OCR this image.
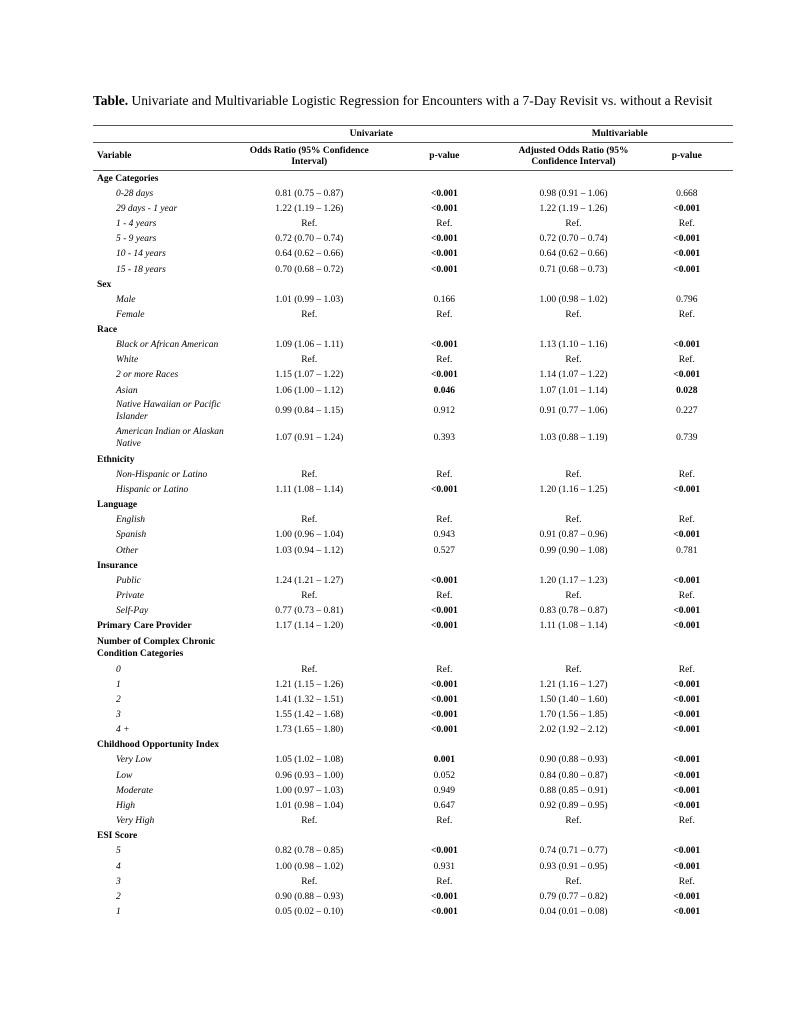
Table. Univariate and Multivariable Logistic Regression for Encounters with a 7-Day Revisit vs. without a Revisit
	Univariate		Multivariable	
Variable	Odds Ratio (95% Confidence Interval)	p-value	Adjusted Odds Ratio (95% Confidence Interval)	p-value
Age Categories				
0-28 days	0.81 (0.75 – 0.87)	<0.001	0.98 (0.91 – 1.06)	0.668
29 days - 1 year	1.22 (1.19 – 1.26)	<0.001	1.22 (1.19 – 1.26)	<0.001
1 - 4 years	Ref.	Ref.	Ref.	Ref.
5 - 9 years	0.72 (0.70 – 0.74)	<0.001	0.72 (0.70 – 0.74)	<0.001
10 - 14 years	0.64 (0.62 – 0.66)	<0.001	0.64 (0.62 – 0.66)	<0.001
15 - 18 years	0.70 (0.68 – 0.72)	<0.001	0.71 (0.68 – 0.73)	<0.001
Sex				
Male	1.01 (0.99 – 1.03)	0.166	1.00 (0.98 – 1.02)	0.796
Female	Ref.	Ref.	Ref.	Ref.
Race				
Black or African American	1.09 (1.06 – 1.11)	<0.001	1.13 (1.10 – 1.16)	<0.001
White	Ref.	Ref.	Ref.	Ref.
2 or more Races	1.15 (1.07 – 1.22)	<0.001	1.14 (1.07 – 1.22)	<0.001
Asian	1.06 (1.00 – 1.12)	0.046	1.07 (1.01 – 1.14)	0.028
Native Hawaiian or Pacific Islander	0.99 (0.84 – 1.15)	0.912	0.91 (0.77 – 1.06)	0.227
American Indian or Alaskan Native	1.07 (0.91 – 1.24)	0.393	1.03 (0.88 – 1.19)	0.739
Ethnicity				
Non-Hispanic or Latino	Ref.	Ref.	Ref.	Ref.
Hispanic or Latino	1.11 (1.08 – 1.14)	<0.001	1.20 (1.16 – 1.25)	<0.001
Language				
English	Ref.	Ref.	Ref.	Ref.
Spanish	1.00 (0.96 – 1.04)	0.943	0.91 (0.87 – 0.96)	<0.001
Other	1.03 (0.94 – 1.12)	0.527	0.99 (0.90 – 1.08)	0.781
Insurance				
Public	1.24 (1.21 – 1.27)	<0.001	1.20 (1.17 – 1.23)	<0.001
Private	Ref.	Ref.	Ref.	Ref.
Self-Pay	0.77 (0.73 – 0.81)	<0.001	0.83 (0.78 – 0.87)	<0.001
Primary Care Provider	1.17 (1.14 – 1.20)	<0.001	1.11 (1.08 – 1.14)	<0.001
Number of Complex Chronic Condition Categories				
0	Ref.	Ref.	Ref.	Ref.
1	1.21 (1.15 – 1.26)	<0.001	1.21 (1.16 – 1.27)	<0.001
2	1.41 (1.32 – 1.51)	<0.001	1.50 (1.40 – 1.60)	<0.001
3	1.55 (1.42 – 1.68)	<0.001	1.70 (1.56 – 1.85)	<0.001
4 +	1.73 (1.65 – 1.80)	<0.001	2.02 (1.92 – 2.12)	<0.001
Childhood Opportunity Index				
Very Low	1.05 (1.02 – 1.08)	0.001	0.90 (0.88 – 0.93)	<0.001
Low	0.96 (0.93 – 1.00)	0.052	0.84 (0.80 – 0.87)	<0.001
Moderate	1.00 (0.97 – 1.03)	0.949	0.88 (0.85 – 0.91)	<0.001
High	1.01 (0.98 – 1.04)	0.647	0.92 (0.89 – 0.95)	<0.001
Very High	Ref.	Ref.	Ref.	Ref.
ESI Score				
5	0.82 (0.78 – 0.85)	<0.001	0.74 (0.71 – 0.77)	<0.001
4	1.00 (0.98 – 1.02)	0.931	0.93 (0.91 – 0.95)	<0.001
3	Ref.	Ref.	Ref.	Ref.
2	0.90 (0.88 – 0.93)	<0.001	0.79 (0.77 – 0.82)	<0.001
1	0.05 (0.02 – 0.10)	<0.001	0.04 (0.01 – 0.08)	<0.001
